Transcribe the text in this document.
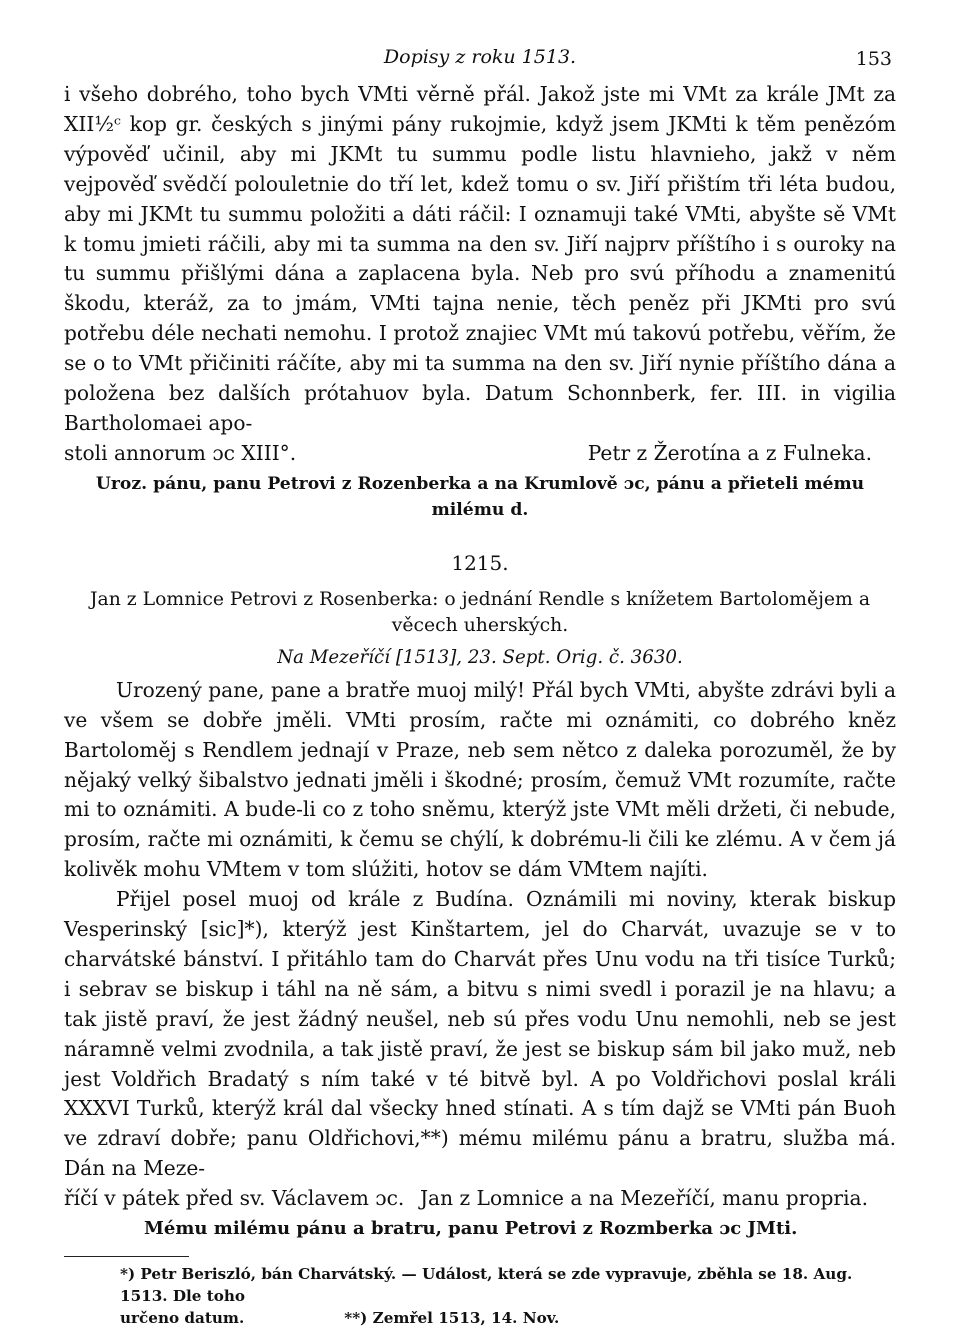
Dopisy z roku 1513.	153

i všeho dobrého, toho bych VMti věrně přál. Jakož jste mi VMt za krále JMt za XII½ᶜ kop gr. českých s jinými pány rukojmie, když jsem JKMti k těm penězóm výpověď učinil, aby mi JKMt tu summu podle listu hlavnieho, jakž v něm vejpověď svědčí polouletnie do tří let, kdež tomu o sv. Jiří přištím tři léta budou, aby mi JKMt tu summu položiti a dáti ráčil: I oznamuji také VMti, abyšte sě VMt k tomu jmieti ráčili, aby mi ta summa na den sv. Jiří najprv příštího i s ouroky na tu summu přišlými dána a zaplacena byla. Neb pro svú příhodu a znamenitú škodu, kteráž, za to jmám, VMti tajna nenie, těch peněz při JKMti pro svú potřebu déle nechati nemohu. I protož znajiec VMt mú takovú potřebu, věřím, že se o to VMt přičiniti ráčíte, aby mi ta summa na den sv. Jiří nynie příštího dána a položena bez dalších prótahuov byla. Datum Schonnberk, fer. III. in vigilia Bartholomaei apo-

stoli annorum ɔc XIII°.	Petr z Žerotína a z Fulneka.

Uroz. pánu, panu Petrovi z Rozenberka a na Krumlově ɔc, pánu a přieteli mému milému d.

1215.

Jan z Lomnice Petrovi z Rosenberka: o jednání Rendle s knížetem Bartolomějem a věcech uherských.

Na Mezeříčí [1513], 23. Sept. Orig. č. 3630.

Urozený pane, pane a bratře muoj milý! Přál bych VMti, abyšte zdrávi byli a ve všem se dobře jměli. VMti prosím, račte mi oznámiti, co dobrého kněz Bartoloměj s Rendlem jednají v Praze, neb sem nětco z daleka porozuměl, že by nějaký velký šibalstvo jednati jměli i škodné; prosím, čemuž VMt rozumíte, račte mi to oznámiti. A bude-li co z toho sněmu, kterýž jste VMt měli držeti, či nebude, prosím, račte mi oznámiti, k čemu se chýlí, k dobrému-li čili ke zlému. A v čem já kolivěk mohu VMtem v tom slúžiti, hotov se dám VMtem najíti.

Přijel posel muoj od krále z Budína. Oznámili mi noviny, kterak biskup Vesperinský [sic]*), kterýž jest Kinštartem, jel do Charvát, uvazuje se v to charvátské bánství. I přitáhlo tam do Charvát přes Unu vodu na tři tisíce Turků; i sebrav se biskup i táhl na ně sám, a bitvu s nimi svedl i porazil je na hlavu; a tak jistě praví, že jest žádný neušel, neb sú přes vodu Unu nemohli, neb se jest náramně velmi zvodnila, a tak jistě praví, že jest se biskup sám bil jako muž, neb jest Voldřich Bradatý s ním také v té bitvě byl. A po Voldřichovi poslal králi XXXVI Turků, kterýž král dal všecky hned stínati. A s tím dajž se VMti pán Buoh ve zdraví dobře; panu Oldřichovi,**) mému milému pánu a bratru, služba má. Dán na Meze-

říčí v pátek před sv. Václavem ɔc. Jan z Lomnice a na Mezeříčí, manu propria.

Mému milému pánu a bratru, panu Petrovi z Rozmberka ɔc JMti.

*) Petr Beriszló, bán Charvátský. — Událost, která se zde vypravuje, zběhla se 18. Aug. 1513. Dle toho

určeno datum.	**) Zemřel 1513, 14. Nov.
